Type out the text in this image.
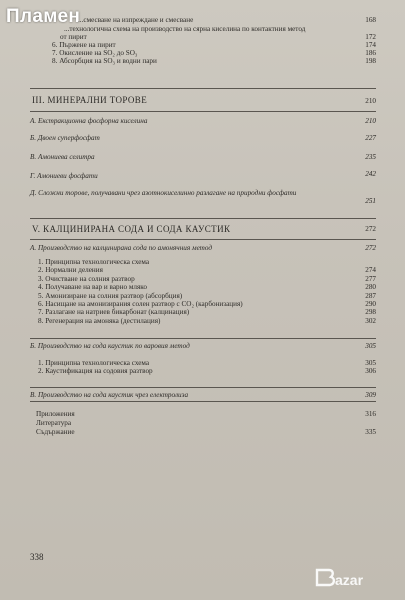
Пламен
...смесване на изпреждане и смесване	168
...технологична схема на производство на сярна киселина по контактния метод
от пирит	172
6. Пържене на пирит	174
7. Окисление на SO₂ до SO₃	186
8. Абсорбция на SO₃ и водни пари	198
III. МИНЕРАЛНИ ТОРОВЕ	210
А. Екстракционна фосфорна киселина	210
Б. Двоен суперфосфат	227
В. Амониева селитра	235
Г. Амониеви фосфати	242
Д. Сложни торове, получавани чрез азотнокиселинно разлагане на природни фосфати
251
V. КАЛЦИНИРАНА СОДА И СОДА КАУСТИК	272
А. Производство на калцинирана сода по амонячния метод	272
1. Принципна технологическа схема
2. Нормални деления	274
3. Очистване на солния разтвор	277
4. Получаване на вар и варно мляко	280
5. Амонизиране на солния разтвор (абсорбция)	287
6. Насищане на амонизирания солен разтвор с CO₂ (карбонизация)	290
7. Разлагане на натриев бикарбонат (калцинация)	298
8. Регенерация на амоняка (дестилация)	302
Б. Производство на сода каустик по варовия метод	305
1. Принципна технологическа схема	305
2. Каустификация на содовия разтвор	306
В. Производство на сода каустик чрез електролиза	309
Приложения	316
Литература
Съдържание	335
338
azar
